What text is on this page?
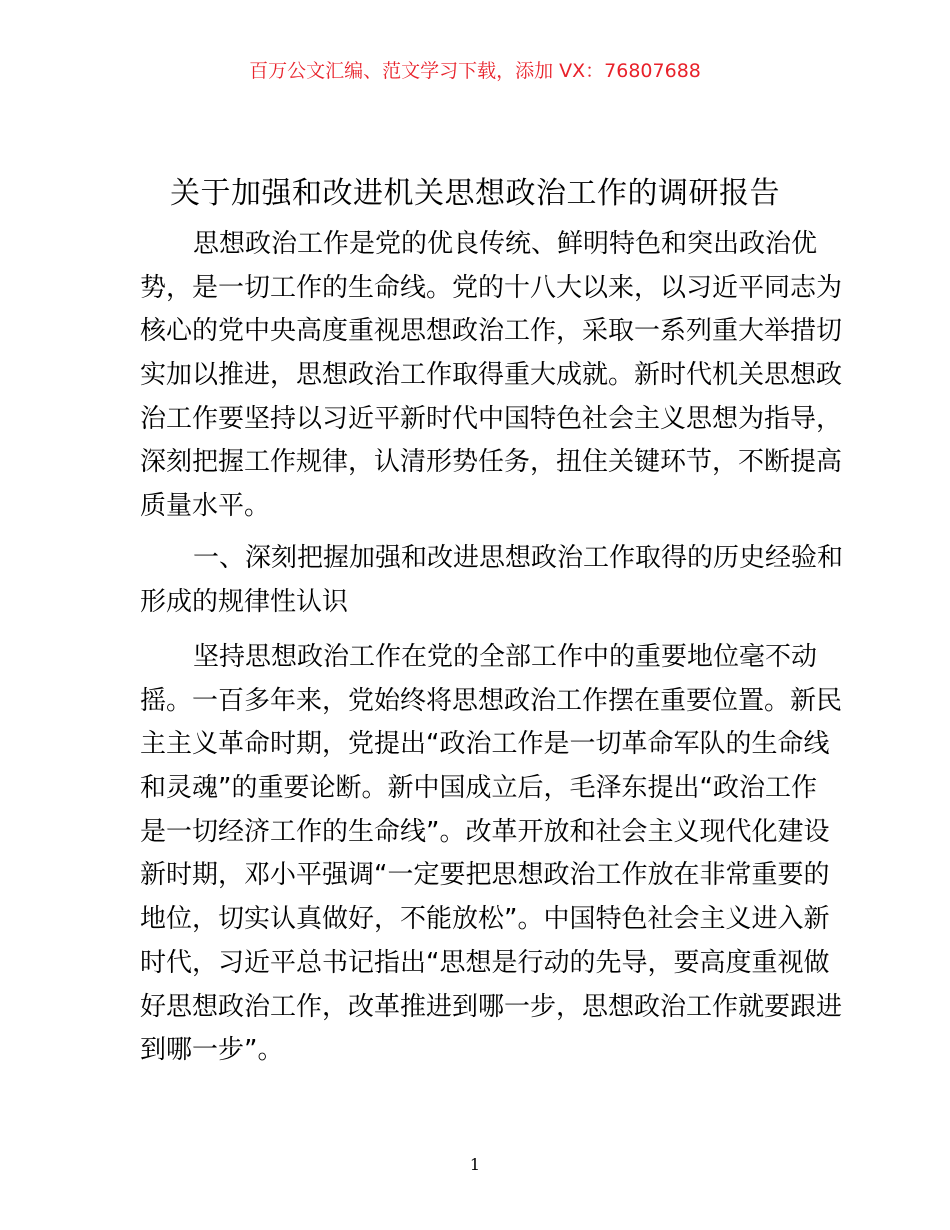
百万公文汇编、范文学习下载，添加 VX：76807688
关于加强和改进机关思想政治工作的调研报告
思想政治工作是党的优良传统、鲜明特色和突出政治优
势，是一切工作的生命线。党的十八大以来，以习近平同志为
核心的党中央高度重视思想政治工作，采取一系列重大举措切
实加以推进，思想政治工作取得重大成就。新时代机关思想政
治工作要坚持以习近平新时代中国特色社会主义思想为指导，
深刻把握工作规律，认清形势任务，扭住关键环节，不断提高
质量水平。
一、深刻把握加强和改进思想政治工作取得的历史经验和
形成的规律性认识
坚持思想政治工作在党的全部工作中的重要地位毫不动
摇。一百多年来，党始终将思想政治工作摆在重要位置。新民
主主义革命时期，党提出“政治工作是一切革命军队的生命线
和灵魂”的重要论断。新中国成立后，毛泽东提出“政治工作
是一切经济工作的生命线”。改革开放和社会主义现代化建设
新时期，邓小平强调“一定要把思想政治工作放在非常重要的
地位，切实认真做好，不能放松”。中国特色社会主义进入新
时代，习近平总书记指出“思想是行动的先导，要高度重视做
好思想政治工作，改革推进到哪一步，思想政治工作就要跟进
到哪一步”。
1
